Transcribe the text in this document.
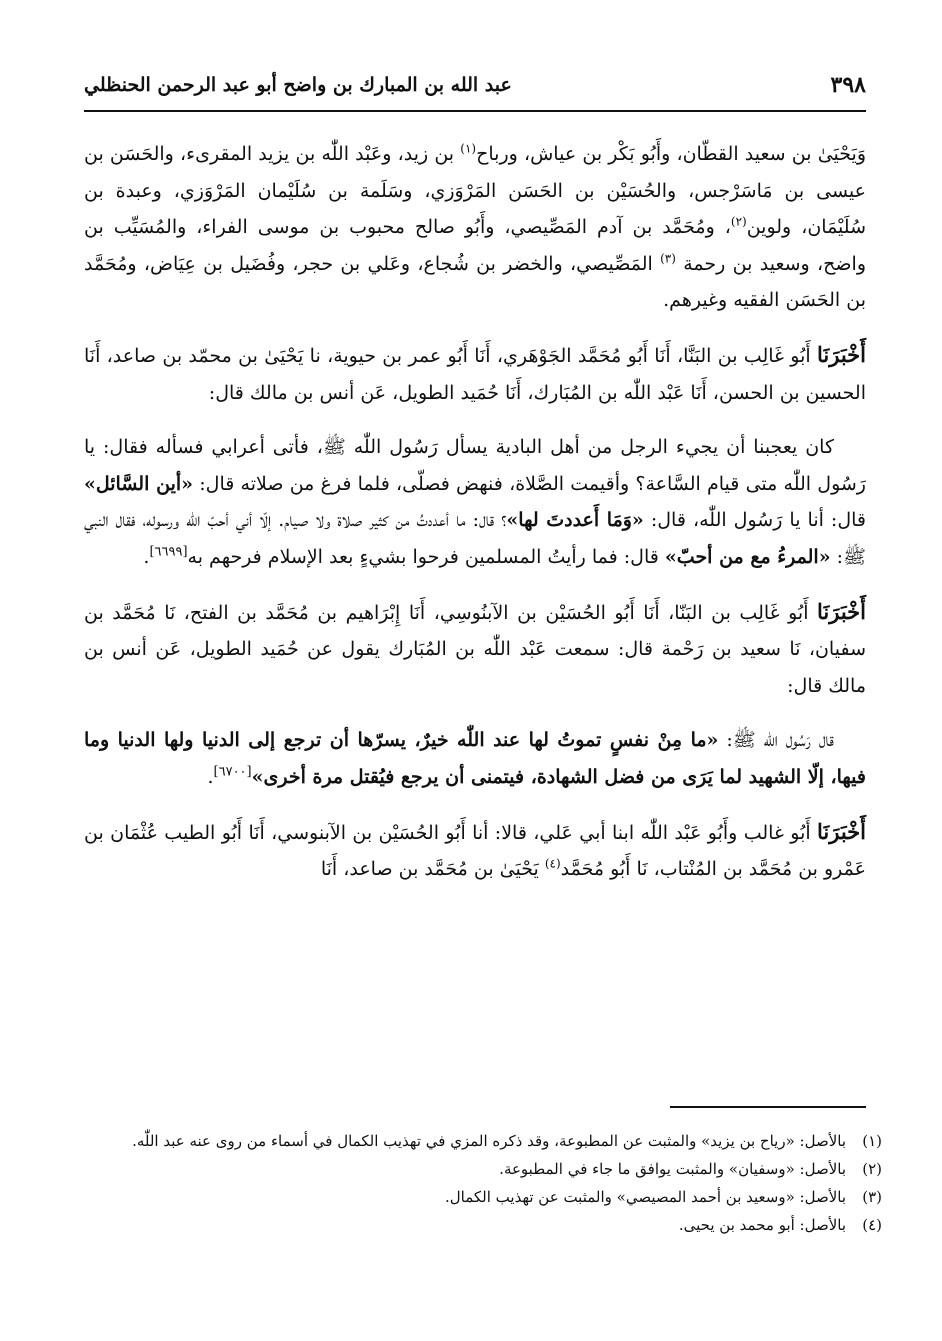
٣٩٨
عبد الله بن المبارك بن واضح أبو عبد الرحمن الحنظلي

وَيَحْيَىٰ بن سعيد القطّان، وأَبُو بَكْر بن عياش، ورباح$^{(١)}$ بن زيد، وعَبْد اللّٰه بن يزيد المقرىء، والحَسَن بن عيسى بن مَاسَرْجس، والحُسَيْن بن الحَسَن المَرْوَزي، وسَلَمة بن سُلَيْمان المَرْوَزي، وعبدة بن سُلَيْمَان، ولوين$^{(٢)}$، ومُحَمَّد بن آدم المَصِّيصي، وأَبُو صالح محبوب بن موسى الفراء، والمُسَيِّب بن واضح، وسعيد بن رحمة $^{(٣)}$ المَصِّيصي، والخضر بن شُجاع، وعَلي بن حجر، وفُضَيل بن عِيَاض، ومُحَمَّد بن الحَسَن الفقيه وغيرهم.

أَخْبَرَنَا أَبُو غَالِب بن البَنَّا، أَنَا أَبُو مُحَمَّد الجَوْهَري، أَنَا أَبُو عمر بن حيوية، نا يَحْيَىٰ بن محمّد بن صاعد، أَنَا الحسين بن الحسن، أَنَا عَبْد اللّٰه بن المُبَارك، أَنَا حُمَيد الطويل، عَن أنس بن مالك قال:

كان يعجبنا أن يجيء الرجل من أهل البادية يسأل رَسُول اللّٰه ﷺ، فأتى أعرابي فسأله فقال: يا رَسُول اللّٰه متى قيام السَّاعة؟ وأقيمت الصَّلاة، فنهض فصلّى، فلما فرغ من صلاته قال: «أين السَّائل» قال: أنا يا رَسُول اللّٰه، قال: «وَمَا أَعددتَ لها»؟ قال: ما أعددتُ من كثير صلاة ولا صيام. إلّا أني أحبّ اللّٰه ورسوله، فقال النبي ﷺ: «المرءُ مع من أحبّ» قال: فما رأيتُ المسلمين فرحوا بشيءٍ بعد الإسلام فرحهم به[٦٦٩٩].

أَخْبَرَنَا أَبُو غَالِب بن البَنّا، أَنَا أَبُو الحُسَيْن بن الآبنُوسِي، أَنَا إِبْرَاهيم بن مُحَمَّد بن الفتح، نَا مُحَمَّد بن سفيان، نَا سعيد بن رَحْمة قال: سمعت عَبْد اللّٰه بن المُبَارك يقول عن حُمَيد الطويل، عَن أنس بن مالك قال:

قال رَسُول اللّٰه ﷺ: «ما مِنْ نفسٍ تموتُ لها عند اللّٰه خيرٌ، يسرّها أن ترجع إلى الدنيا ولها الدنيا وما فيها، إلّا الشهيد لما يَرَى من فضل الشهادة، فيتمنى أن يرجع فيُقتل مرة أخرى»[٦٧٠٠].

أَخْبَرَنَا أَبُو غالب وأَبُو عَبْد اللّٰه ابنا أبي عَلي، قالا: أنا أَبُو الحُسَيْن بن الآبنوسي، أَنَا أَبُو الطيب عُثْمَان بن عَمْرو بن مُحَمَّد بن المُنْتاب، نَا أَبُو مُحَمَّد$^{(٤)}$ يَحْيَىٰ بن مُحَمَّد بن صاعد، أَنَا

(١)
بالأصل: «رياح بن يزيد» والمثبت عن المطبوعة، وقد ذكره المزي في تهذيب الكمال في أسماء من روى عنه عبد اللّٰه.
(٢)
بالأصل: «وسفيان» والمثبت يوافق ما جاء في المطبوعة.
(٣)
بالأصل: «وسعيد بن أحمد المصيصي» والمثبت عن تهذيب الكمال.
(٤)
بالأصل: أبو محمد بن يحيى.
